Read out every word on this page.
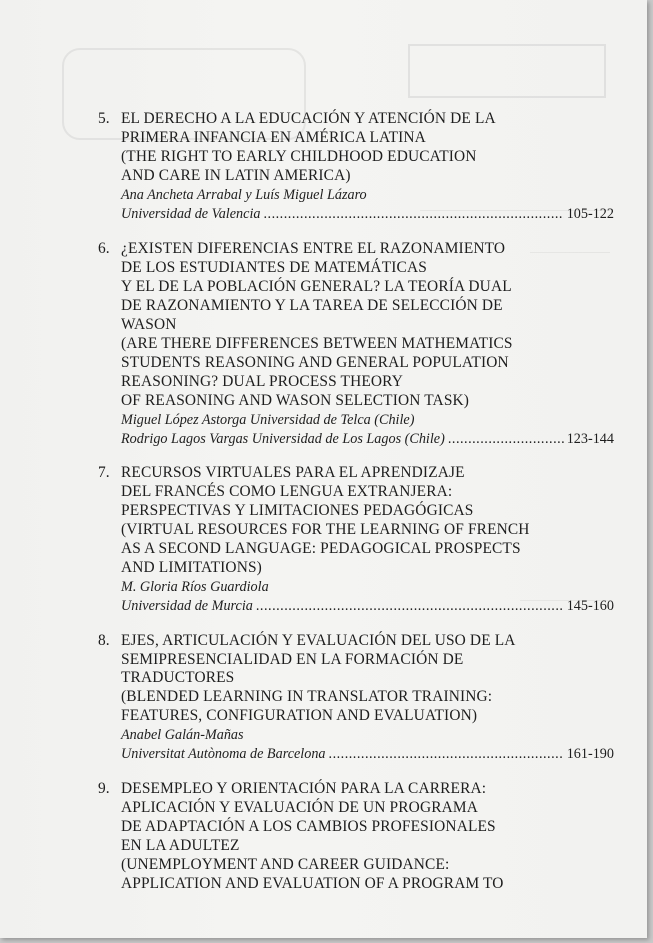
5. EL DERECHO A LA EDUCACIÓN Y ATENCIÓN DE LA
PRIMERA INFANCIA EN AMÉRICA LATINA
(THE RIGHT TO EARLY CHILDHOOD EDUCATION
AND CARE IN LATIN AMERICA)
Ana Ancheta Arrabal y Luís Miguel Lázaro
Universidad de Valencia .....	105-122
6. ¿EXISTEN DIFERENCIAS ENTRE EL RAZONAMIENTO
DE LOS ESTUDIANTES DE MATEMÁTICAS
Y EL DE LA POBLACIÓN GENERAL? LA TEORÍA DUAL
DE RAZONAMIENTO Y LA TAREA DE SELECCIÓN DE
WASON
(ARE THERE DIFFERENCES BETWEEN MATHEMATICS
STUDENTS REASONING AND GENERAL POPULATION
REASONING? DUAL PROCESS THEORY
OF REASONING AND WASON SELECTION TASK)
Miguel López Astorga Universidad de Telca (Chile)
Rodrigo Lagos Vargas Universidad de Los Lagos (Chile) .....	123-144
7. RECURSOS VIRTUALES PARA EL APRENDIZAJE
DEL FRANCÉS COMO LENGUA EXTRANJERA:
PERSPECTIVAS Y LIMITACIONES PEDAGÓGICAS
(VIRTUAL RESOURCES FOR THE LEARNING OF FRENCH
AS A SECOND LANGUAGE: PEDAGOGICAL PROSPECTS
AND LIMITATIONS)
M. Gloria Ríos Guardiola
Universidad de Murcia .....	145-160
8. EJES, ARTICULACIÓN Y EVALUACIÓN DEL USO DE LA
SEMIPRESENCIALIDAD EN LA FORMACIÓN DE
TRADUCTORES
(BLENDED LEARNING IN TRANSLATOR TRAINING:
FEATURES, CONFIGURATION AND EVALUATION)
Anabel Galán-Mañas
Universitat Autònoma de Barcelona .....	161-190
9. DESEMPLEO Y ORIENTACIÓN PARA LA CARRERA:
APLICACIÓN Y EVALUACIÓN DE UN PROGRAMA
DE ADAPTACIÓN A LOS CAMBIOS PROFESIONALES
EN LA ADULTEZ
(UNEMPLOYMENT AND CAREER GUIDANCE:
APPLICATION AND EVALUATION OF A PROGRAM TO
